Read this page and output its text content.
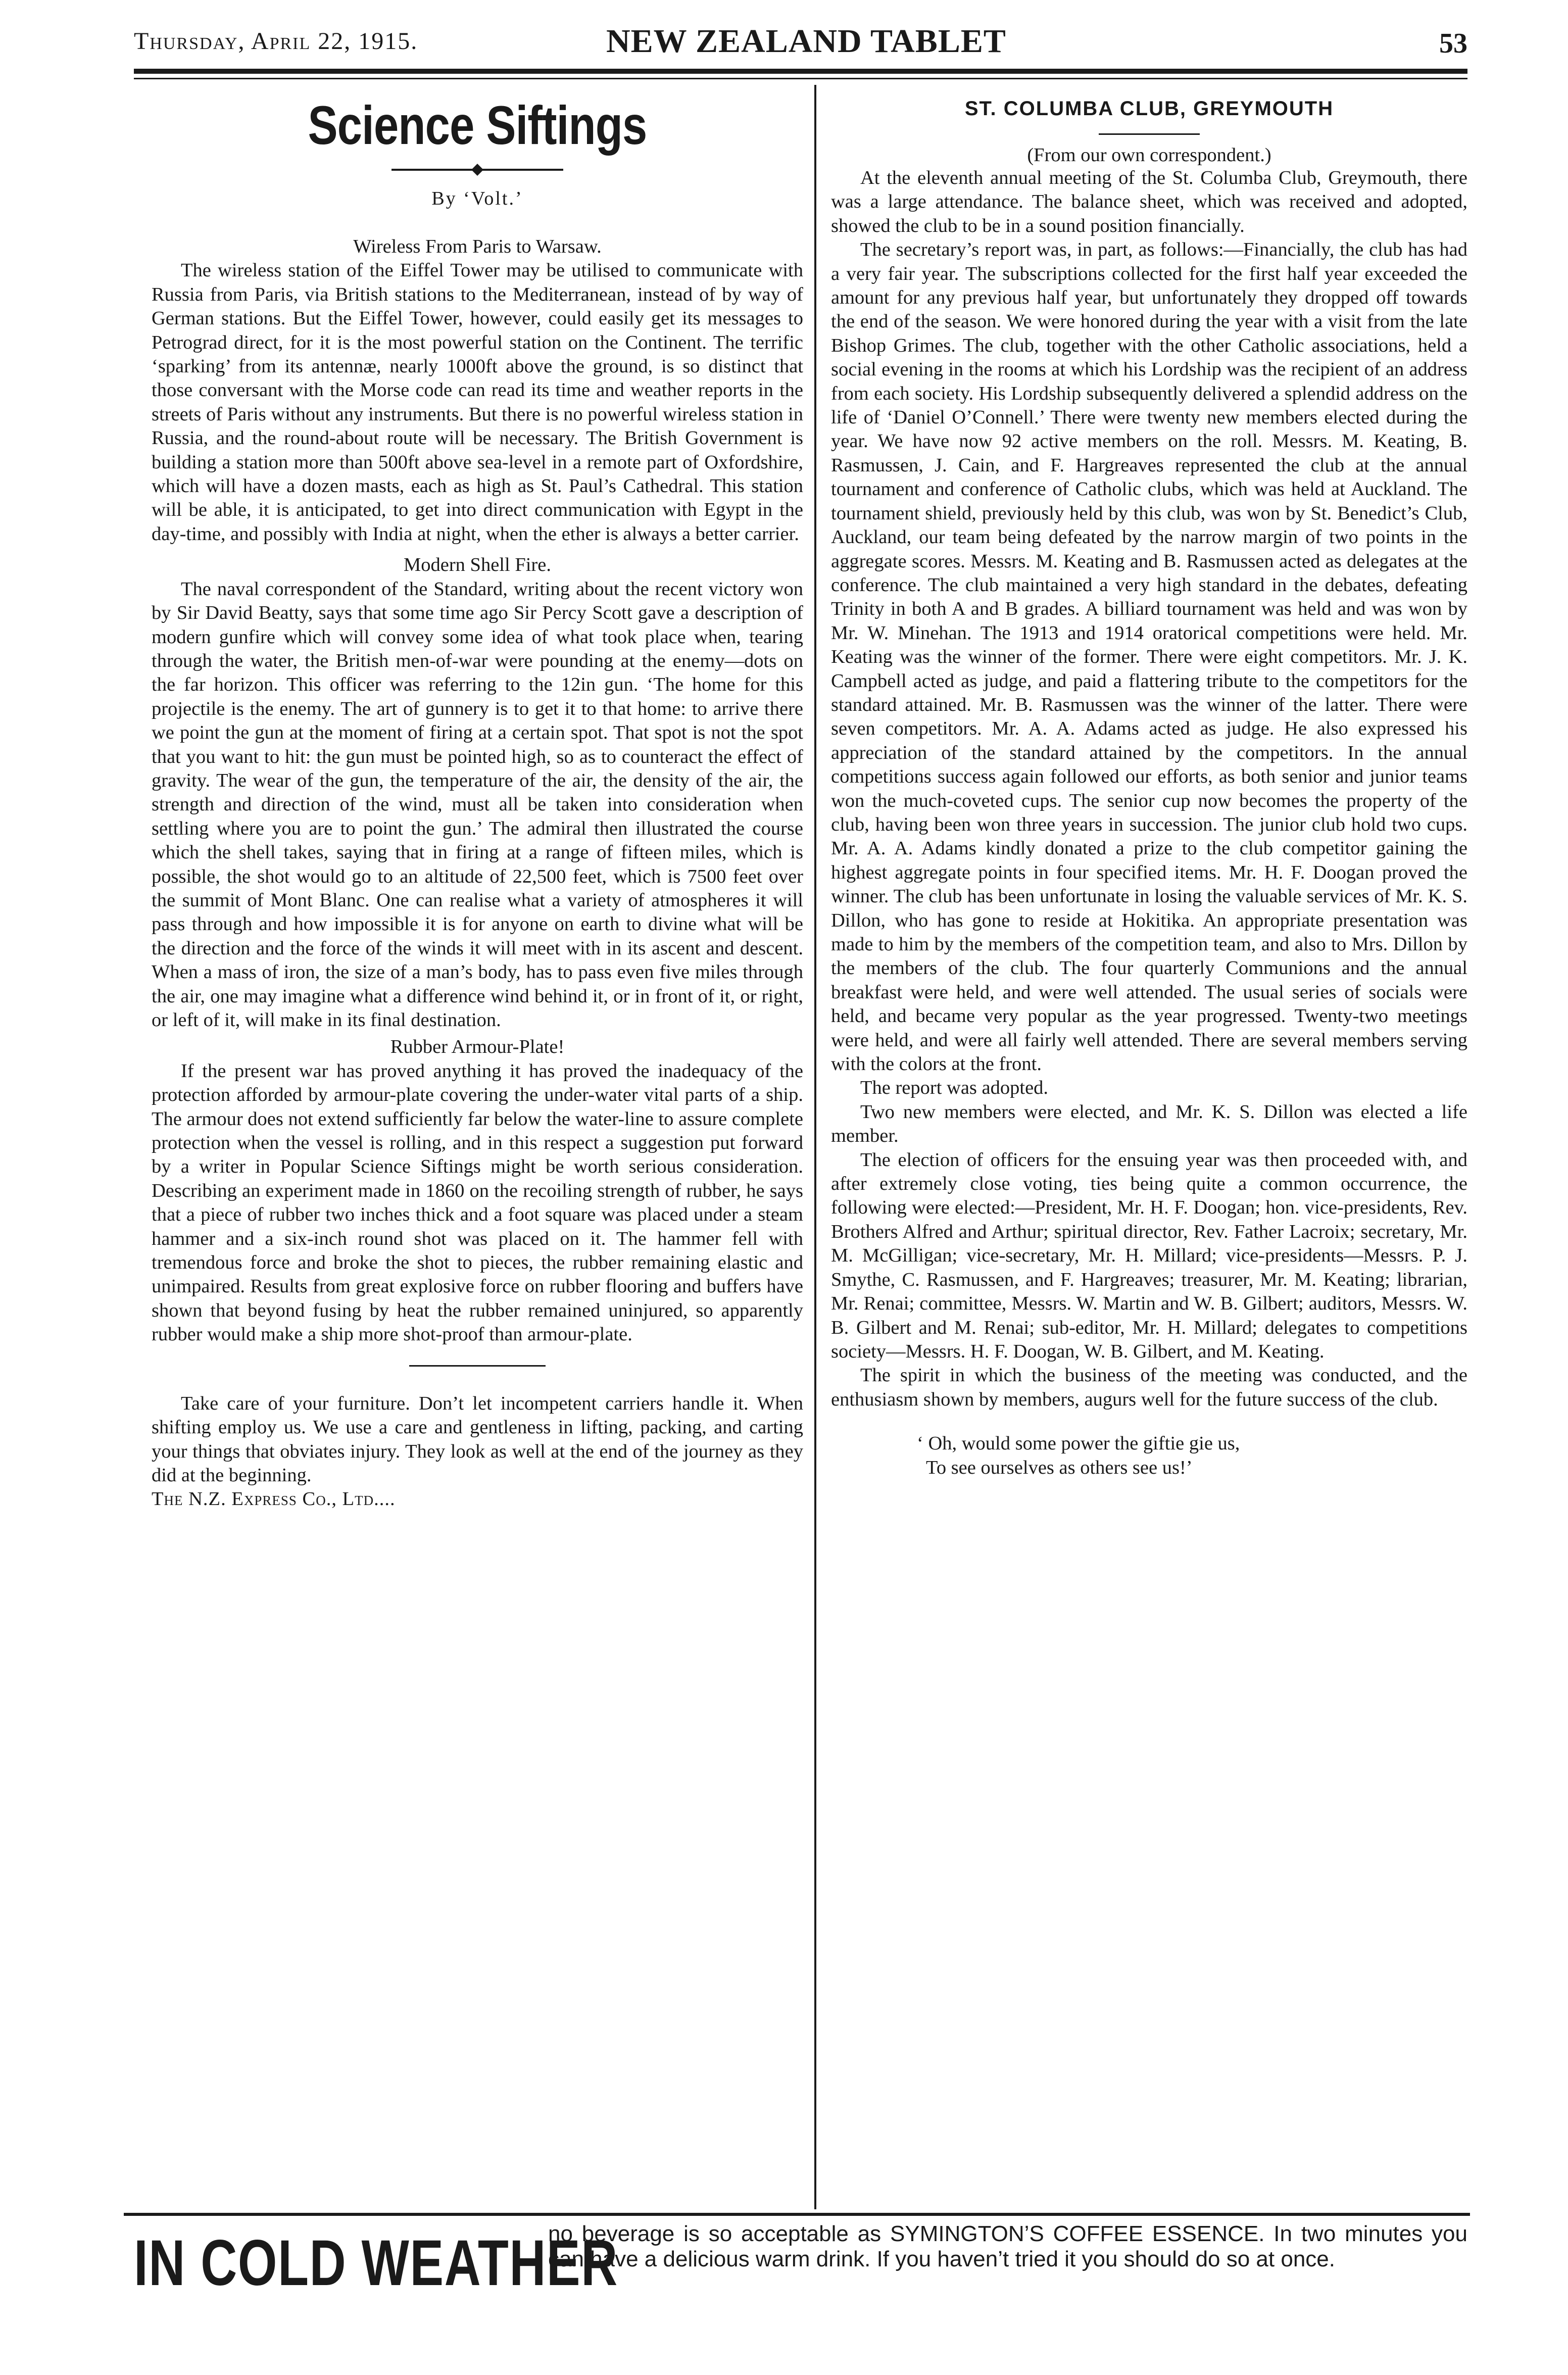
Thursday, April 22, 1915.	NEW ZEALAND TABLET	53
Science Siftings
By ‘Volt.’
Wireless From Paris to Warsaw.

The wireless station of the Eiffel Tower may be utilised to communicate with Russia from Paris, via British stations to the Mediterranean, instead of by way of German stations. But the Eiffel Tower, however, could easily get its messages to Petrograd direct, for it is the most powerful station on the Continent. The terrific ‘sparking’ from its antennæ, nearly 1000ft above the ground, is so distinct that those conversant with the Morse code can read its time and weather reports in the streets of Paris without any instruments. But there is no powerful wireless station in Russia, and the round-about route will be necessary. The British Government is building a station more than 500ft above sea-level in a remote part of Oxfordshire, which will have a dozen masts, each as high as St. Paul’s Cathedral. This station will be able, it is anticipated, to get into direct communication with Egypt in the day-time, and possibly with India at night, when the ether is always a better carrier.

Modern Shell Fire.

The naval correspondent of the Standard, writing about the recent victory won by Sir David Beatty, says that some time ago Sir Percy Scott gave a description of modern gunfire which will convey some idea of what took place when, tearing through the water, the British men-of-war were pounding at the enemy—dots on the far horizon. This officer was referring to the 12in gun. ‘The home for this projectile is the enemy. The art of gunnery is to get it to that home: to arrive there we point the gun at the moment of firing at a certain spot. That spot is not the spot that you want to hit: the gun must be pointed high, so as to counteract the effect of gravity. The wear of the gun, the temperature of the air, the density of the air, the strength and direction of the wind, must all be taken into consideration when settling where you are to point the gun.’ The admiral then illustrated the course which the shell takes, saying that in firing at a range of fifteen miles, which is possible, the shot would go to an altitude of 22,500 feet, which is 7500 feet over the summit of Mont Blanc. One can realise what a variety of atmospheres it will pass through and how impossible it is for anyone on earth to divine what will be the direction and the force of the winds it will meet with in its ascent and descent. When a mass of iron, the size of a man’s body, has to pass even five miles through the air, one may imagine what a difference wind behind it, or in front of it, or right, or left of it, will make in its final destination.

Rubber Armour-Plate!

If the present war has proved anything it has proved the inadequacy of the protection afforded by armour-plate covering the under-water vital parts of a ship. The armour does not extend sufficiently far below the water-line to assure complete protection when the vessel is rolling, and in this respect a suggestion put forward by a writer in Popular Science Siftings might be worth serious consideration. Describing an experiment made in 1860 on the recoiling strength of rubber, he says that a piece of rubber two inches thick and a foot square was placed under a steam hammer and a six-inch round shot was placed on it. The hammer fell with tremendous force and broke the shot to pieces, the rubber remaining elastic and unimpaired. Results from great explosive force on rubber flooring and buffers have shown that beyond fusing by heat the rubber remained uninjured, so apparently rubber would make a ship more shot-proof than armour-plate.

Take care of your furniture. Don’t let incompetent carriers handle it. When shifting employ us. We use a care and gentleness in lifting, packing, and carting your things that obviates injury. They look as well at the end of the journey as they did at the beginning.

The N.Z. Express Co., Ltd....

ST. COLUMBA CLUB, GREYMOUTH
(From our own correspondent.)

At the eleventh annual meeting of the St. Columba Club, Greymouth, there was a large attendance. The balance sheet, which was received and adopted, showed the club to be in a sound position financially.

The secretary’s report was, in part, as follows:—Financially, the club has had a very fair year. The subscriptions collected for the first half year exceeded the amount for any previous half year, but unfortunately they dropped off towards the end of the season. We were honored during the year with a visit from the late Bishop Grimes. The club, together with the other Catholic associations, held a social evening in the rooms at which his Lordship was the recipient of an address from each society. His Lordship subsequently delivered a splendid address on the life of ‘Daniel O’Connell.’ There were twenty new members elected during the year. We have now 92 active members on the roll. Messrs. M. Keating, B. Rasmussen, J. Cain, and F. Hargreaves represented the club at the annual tournament and conference of Catholic clubs, which was held at Auckland. The tournament shield, previously held by this club, was won by St. Benedict’s Club, Auckland, our team being defeated by the narrow margin of two points in the aggregate scores. Messrs. M. Keating and B. Rasmussen acted as delegates at the conference. The club maintained a very high standard in the debates, defeating Trinity in both A and B grades. A billiard tournament was held and was won by Mr. W. Minehan. The 1913 and 1914 oratorical competitions were held. Mr. Keating was the winner of the former. There were eight competitors. Mr. J. K. Campbell acted as judge, and paid a flattering tribute to the competitors for the standard attained. Mr. B. Rasmussen was the winner of the latter. There were seven competitors. Mr. A. A. Adams acted as judge. He also expressed his appreciation of the standard attained by the competitors. In the annual competitions success again followed our efforts, as both senior and junior teams won the much-coveted cups. The senior cup now becomes the property of the club, having been won three years in succession. The junior club hold two cups. Mr. A. A. Adams kindly donated a prize to the club competitor gaining the highest aggregate points in four specified items. Mr. H. F. Doogan proved the winner. The club has been unfortunate in losing the valuable services of Mr. K. S. Dillon, who has gone to reside at Hokitika. An appropriate presentation was made to him by the members of the competition team, and also to Mrs. Dillon by the members of the club. The four quarterly Communions and the annual breakfast were held, and were well attended. The usual series of socials were held, and became very popular as the year progressed. Twenty-two meetings were held, and were all fairly well attended. There are several members serving with the colors at the front.

The report was adopted.

Two new members were elected, and Mr. K. S. Dillon was elected a life member.

The election of officers for the ensuing year was then proceeded with, and after extremely close voting, ties being quite a common occurrence, the following were elected:—President, Mr. H. F. Doogan; hon. vice-presidents, Rev. Brothers Alfred and Arthur; spiritual director, Rev. Father Lacroix; secretary, Mr. M. McGilligan; vice-secretary, Mr. H. Millard; vice-presidents—Messrs. P. J. Smythe, C. Rasmussen, and F. Hargreaves; treasurer, Mr. M. Keating; librarian, Mr. Renai; committee, Messrs. W. Martin and W. B. Gilbert; auditors, Messrs. W. B. Gilbert and M. Renai; sub-editor, Mr. H. Millard; delegates to competitions society—Messrs. H. F. Doogan, W. B. Gilbert, and M. Keating.

The spirit in which the business of the meeting was conducted, and the enthusiasm shown by members, augurs well for the future success of the club.

‘ Oh, would some power the giftie gie us,
To see ourselves as others see us!’
IN COLD WEATHER
no beverage is so acceptable as SYMINGTON’S COFFEE ESSENCE. In two minutes you can have a delicious warm drink. If you haven’t tried it you should do so at once.
